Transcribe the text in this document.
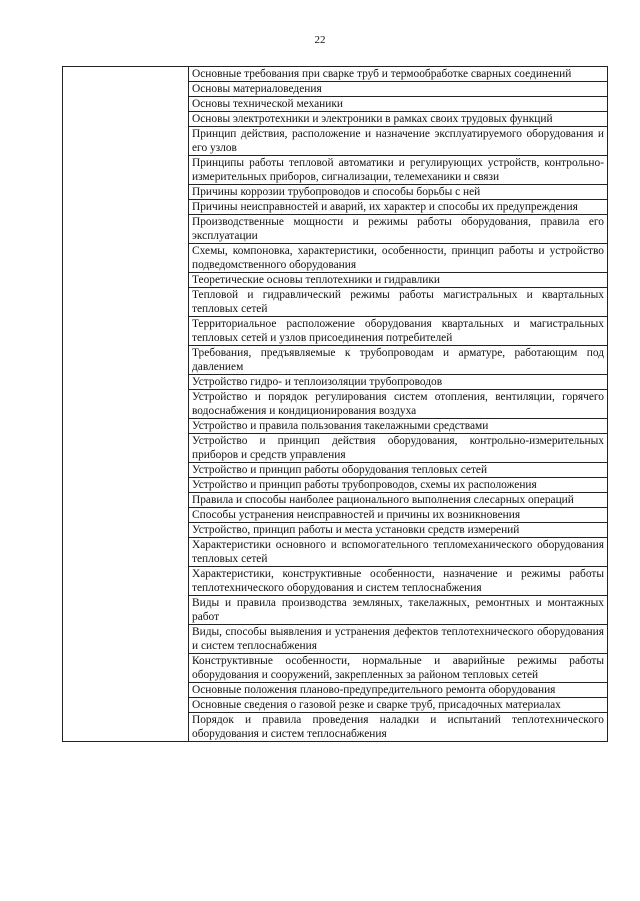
22
	Основные требования при сварке труб и термообработке сварных соединений
Основы материаловедения
Основы технической механики
Основы электротехники и электроники в рамках своих трудовых функций
Принцип действия, расположение и назначение эксплуатируемого оборудования и его узлов
Принципы работы тепловой автоматики и регулирующих устройств, контрольно-измерительных приборов, сигнализации, телемеханики и связи
Причины коррозии трубопроводов и способы борьбы с ней
Причины неисправностей и аварий, их характер и способы их предупреждения
Производственные мощности и режимы работы оборудования, правила его эксплуатации
Схемы, компоновка, характеристики, особенности, принцип работы и устройство подведомственного оборудования
Теоретические основы теплотехники и гидравлики
Тепловой и гидравлический режимы работы магистральных и квартальных тепловых сетей
Территориальное расположение оборудования квартальных и магистральных тепловых сетей и узлов присоединения потребителей
Требования, предъявляемые к трубопроводам и арматуре, работающим под давлением
Устройство гидро- и теплоизоляции трубопроводов
Устройство и порядок регулирования систем отопления, вентиляции, горячего водоснабжения и кондиционирования воздуха
Устройство и правила пользования такелажными средствами
Устройство и принцип действия оборудования, контрольно-измерительных приборов и средств управления
Устройство и принцип работы оборудования тепловых сетей
Устройство и принцип работы трубопроводов, схемы их расположения
Правила и способы наиболее рационального выполнения слесарных операций
Способы устранения неисправностей и причины их возникновения
Устройство, принцип работы и места установки средств измерений
Характеристики основного и вспомогательного тепломеханического оборудования тепловых сетей
Характеристики, конструктивные особенности, назначение и режимы работы теплотехнического оборудования и систем теплоснабжения
Виды и правила производства земляных, такелажных, ремонтных и монтажных работ
Виды, способы выявления и устранения дефектов теплотехнического оборудования и систем теплоснабжения
Конструктивные особенности, нормальные и аварийные режимы работы оборудования и сооружений, закрепленных за районом тепловых сетей
Основные положения планово-предупредительного ремонта оборудования
Основные сведения о газовой резке и сварке труб, присадочных материалах
Порядок и правила проведения наладки и испытаний теплотехнического оборудования и систем теплоснабжения
